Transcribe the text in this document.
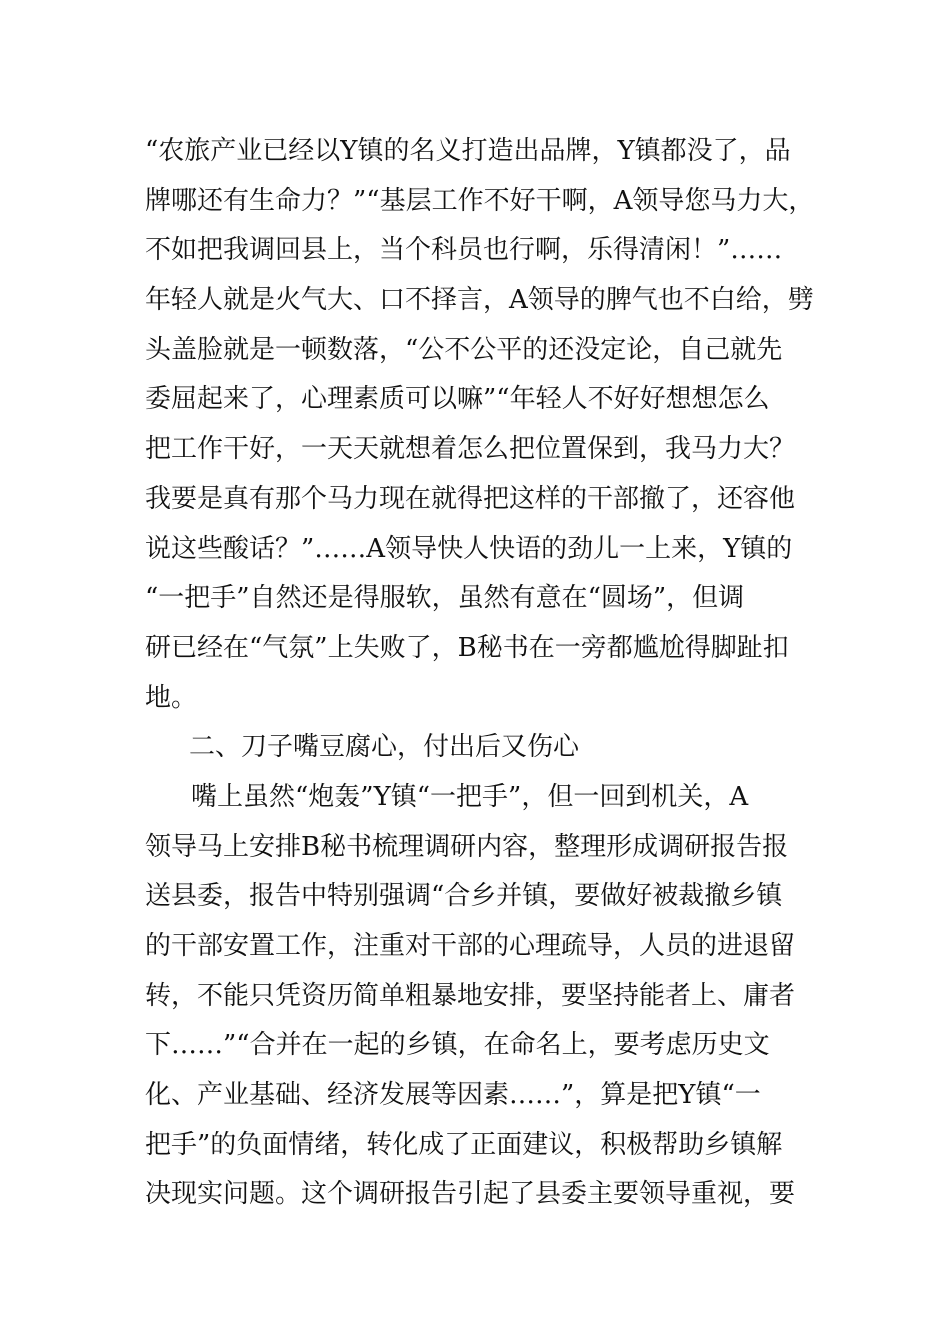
“农旅产业已经以Y镇的名义打造出品牌，Y镇都没了，品
牌哪还有生命力？”“基层工作不好干啊，A领导您马力大，
不如把我调回县上，当个科员也行啊，乐得清闲！”……
年轻人就是火气大、口不择言，A领导的脾气也不白给，劈
头盖脸就是一顿数落，“公不公平的还没定论，自己就先
委屈起来了，心理素质可以嘛”“年轻人不好好想想怎么
把工作干好，一天天就想着怎么把位置保到，我马力大？
我要是真有那个马力现在就得把这样的干部撤了，还容他
说这些酸话？”……A领导快人快语的劲儿一上来，Y镇的
“一把手”自然还是得服软，虽然有意在“圆场”，但调
研已经在“气氛”上失败了，B秘书在一旁都尴尬得脚趾扣
地。
二、刀子嘴豆腐心，付出后又伤心
嘴上虽然“炮轰”Y镇“一把手”，但一回到机关，A
领导马上安排B秘书梳理调研内容，整理形成调研报告报
送县委，报告中特别强调“合乡并镇，要做好被裁撤乡镇
的干部安置工作，注重对干部的心理疏导，人员的进退留
转，不能只凭资历简单粗暴地安排，要坚持能者上、庸者
下……”“合并在一起的乡镇，在命名上，要考虑历史文
化、产业基础、经济发展等因素……”，算是把Y镇“一
把手”的负面情绪，转化成了正面建议，积极帮助乡镇解
决现实问题。这个调研报告引起了县委主要领导重视，要
